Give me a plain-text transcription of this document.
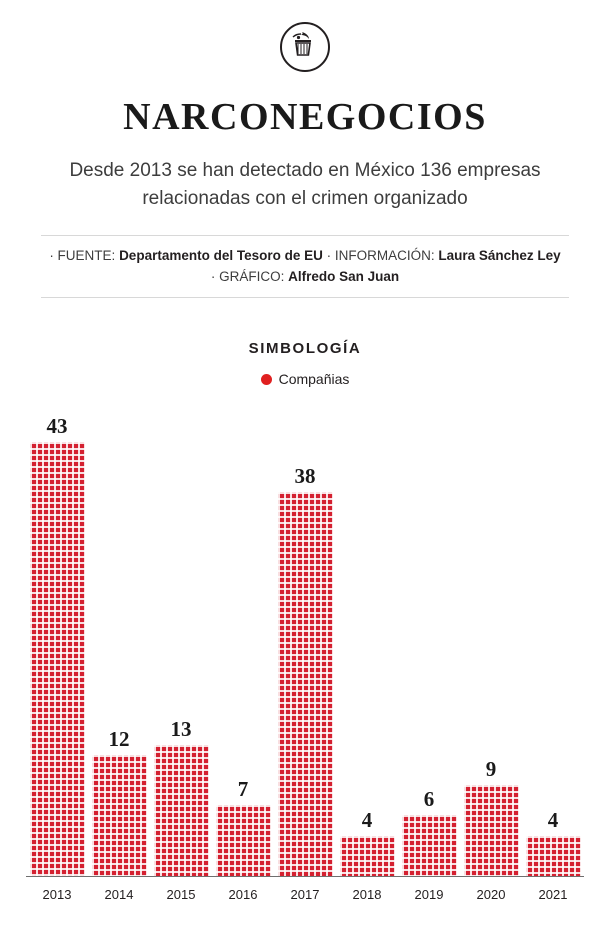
NARCONEGOCIOS
Desde 2013 se han detectado en México 136 empresas relacionadas con el crimen organizado
· FUENTE: Departamento del Tesoro de EU · INFORMACIÓN: Laura Sánchez Ley
· GRÁFICO: Alfredo San Juan
SIMBOLOGÍA
Compañias
43
12 13
7
38
4
6
9
4
2013	2014	2015	2016	2017	2018	2019	2020	2021
